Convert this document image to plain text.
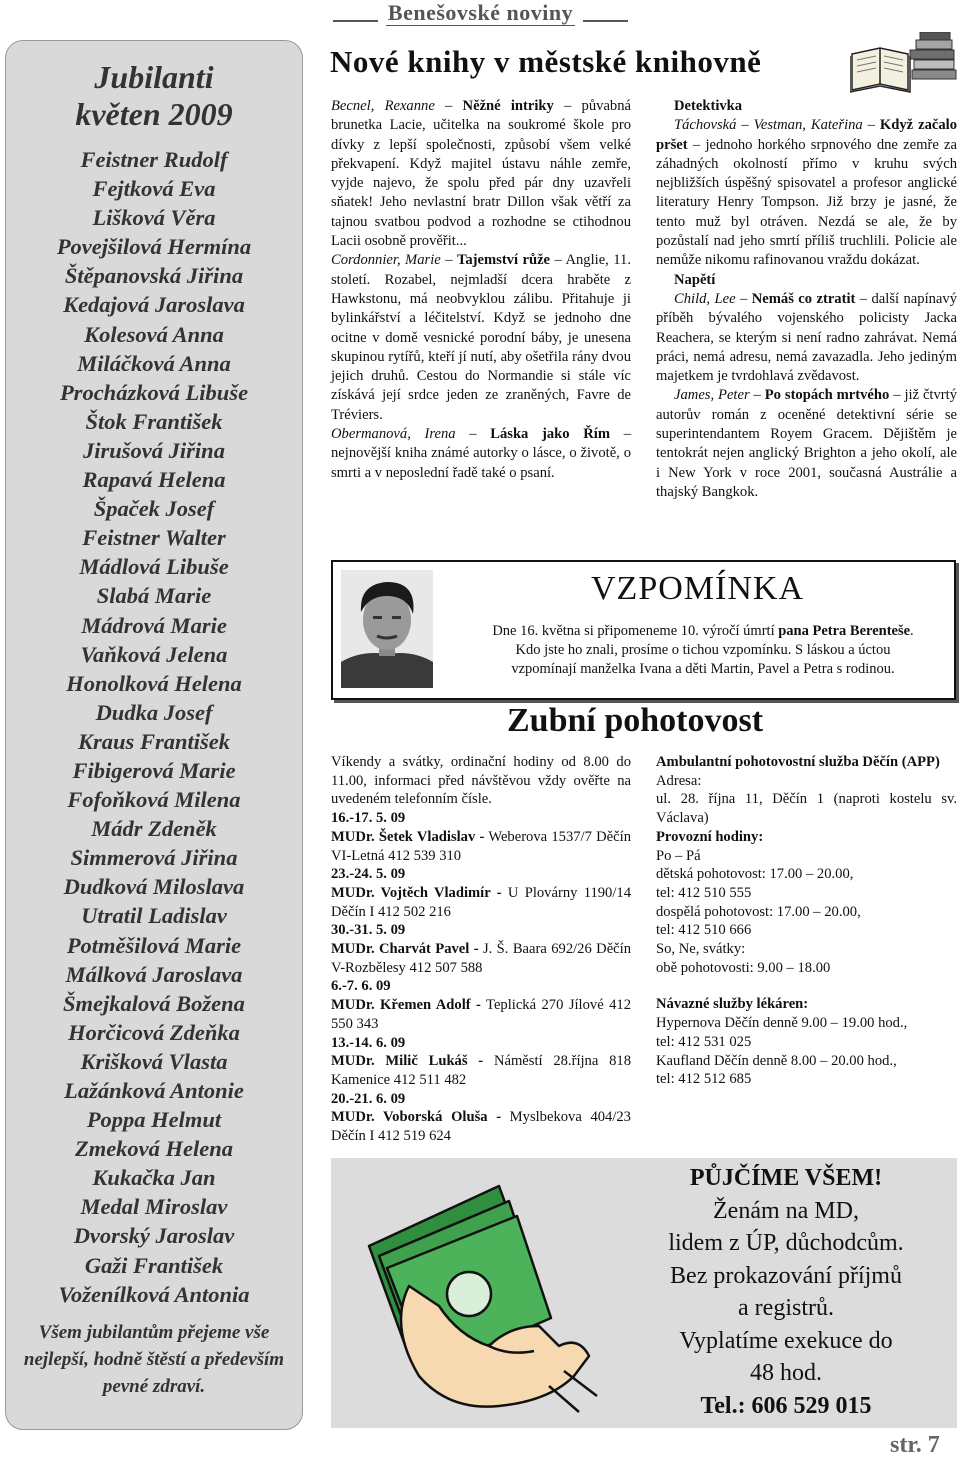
Jubilanti
květen 2009
Feistner Rudolf
Fejtková Eva
Lišková Věra
Povejšilová Hermína
Štěpanovská Jiřina
Kedajová Jaroslava
Kolesová Anna
Miláčková Anna
Procházková Libuše
Štok František
Jirušová Jiřina
Rapavá Helena
Špaček Josef
Feistner Walter
Mádlová Libuše
Slabá Marie
Mádrová Marie
Vaňková Jelena
Honolková Helena
Dudka Josef
Kraus František
Fibigerová Marie
Fofoňková Milena
Mádr Zdeněk
Simmerová Jiřina
Dudková Miloslava
Utratil Ladislav
Potměšilová Marie
Málková Jaroslava
Šmejkalová Božena
Horčicová Zdeňka
Krišková Vlasta
Lažánková Antonie
Poppa Helmut
Zmeková Helena
Kukačka Jan
Medal Miroslav
Dvorský Jaroslav
Gaži František
Voženílková Antonia
Všem jubilantům přejeme vše
nejlepší, hodně štěstí a především
pevné zdraví.
Benešovské noviny
Nové knihy v městské knihovně

Becnel, Rexanne – Něžné intriky – půvabná brunetka Lacie, učitelka na soukromé škole pro dívky z lepší společnosti, způsobí všem velké překvapení. Když majitel ústavu náhle zemře, vyjde najevo, že spolu před pár dny uzavřeli sňatek! Jeho nevlastní bratr Dillon však větří za tajnou svatbou podvod a rozhodne se ctihodnou Lacii osobně prověřit...

Cordonnier, Marie – Tajemství růže – Anglie, 11. století. Rozabel, nejmladší dcera hraběte z Hawkstonu, má neobvyklou zálibu. Přitahuje ji bylinkářství a léčitelství. Když se jednoho dne ocitne v domě vesnické porodní báby, je unesena skupinou rytířů, kteří jí nutí, aby ošetřila rány dvou jejich druhů. Cestou do Normandie si stále víc získává její srdce jeden ze zraněných, Favre de Tréviers.

Obermanová, Irena – Láska jako Řím – nejnovější kniha známé autorky o lásce, o životě, o smrti a v neposlední řadě také o psaní.

Detektivka

Táchovská – Vestman, Kateřina – Když začalo pršet – jednoho horkého srpnového dne zemře za záhadných okolností přímo v kruhu svých nejbližších úspěšný spisovatel a profesor anglické literatury Henry Tompson. Již brzy je jasné, že tento muž byl otráven. Nezdá se ale, že by pozůstalí nad jeho smrtí příliš truchlili. Policie ale nemůže nikomu rafinovanou vraždu dokázat.

Napětí

Child, Lee – Nemáš co ztratit – další napínavý příběh bývalého vojenského policisty Jacka Reachera, se kterým si není radno zahrávat. Nemá práci, nemá adresu, nemá zavazadla. Jeho jediným majetkem je tvrdohlavá zvědavost.

James, Peter – Po stopách mrtvého – již čtvrtý autorův román z oceněné detektivní série se superintendantem Royem Gracem. Dějištěm je tentokrát nejen anglický Brighton a jeho okolí, ale i New York v roce 2001, současná Austrálie a thajský Bangkok.

VZPOMÍNKA
Dne 16. května si připomeneme 10. výročí úmrtí pana Petra Berenteše.
Kdo jste ho znali, prosíme o tichou vzpomínku. S láskou a úctou
vzpomínají manželka Ivana a děti Martin, Pavel a Petra s rodinou.
Zubní pohotovost

Víkendy a svátky, ordinační hodiny od 8.00 do 11.00, informaci před návštěvou vždy ověřte na uvedeném telefonním čísle.

16.-17. 5. 09

MUDr. Šetek Vladislav - Weberova 1537/7 Děčín VI-Letná 412 539 310

23.-24. 5. 09

MUDr. Vojtěch Vladimír - U Plovárny 1190/14 Děčín I 412 502 216

30.-31. 5. 09

MUDr. Charvát Pavel - J. Š. Baara 692/26 Děčín V-Rozbělesy 412 507 588

6.-7. 6. 09

MUDr. Křemen Adolf - Teplická 270 Jílové 412 550 343

13.-14. 6. 09

MUDr. Milič Lukáš - Náměstí 28.října 818 Kamenice 412 511 482

20.-21. 6. 09

MUDr. Voborská Oluša - Myslbekova 404/23 Děčín I 412 519 624

Ambulantní pohotovostní služba Děčín (APP)

Adresa:

ul. 28. října 11, Děčín 1 (naproti kostelu sv. Václava)

Provozní hodiny:

Po – Pá

dětská pohotovost: 17.00 – 20.00,

tel: 412 510 555

dospělá pohotovost: 17.00 – 20.00,

tel: 412 510 666

So, Ne, svátky:

obě pohotovosti: 9.00 – 18.00

Návazné služby lékáren:

Hypernova Děčín denně 9.00 – 19.00 hod.,

tel: 412 531 025

Kaufland Děčín denně 8.00 – 20.00 hod.,

tel: 412 512 685

PŮJČÍME VŠEM!
Ženám na MD,
lidem z ÚP, důchodcům.
Bez prokazování příjmů
a registrů.
Vyplatíme exekuce do
48 hod.
Tel.: 606 529 015
str. 7
